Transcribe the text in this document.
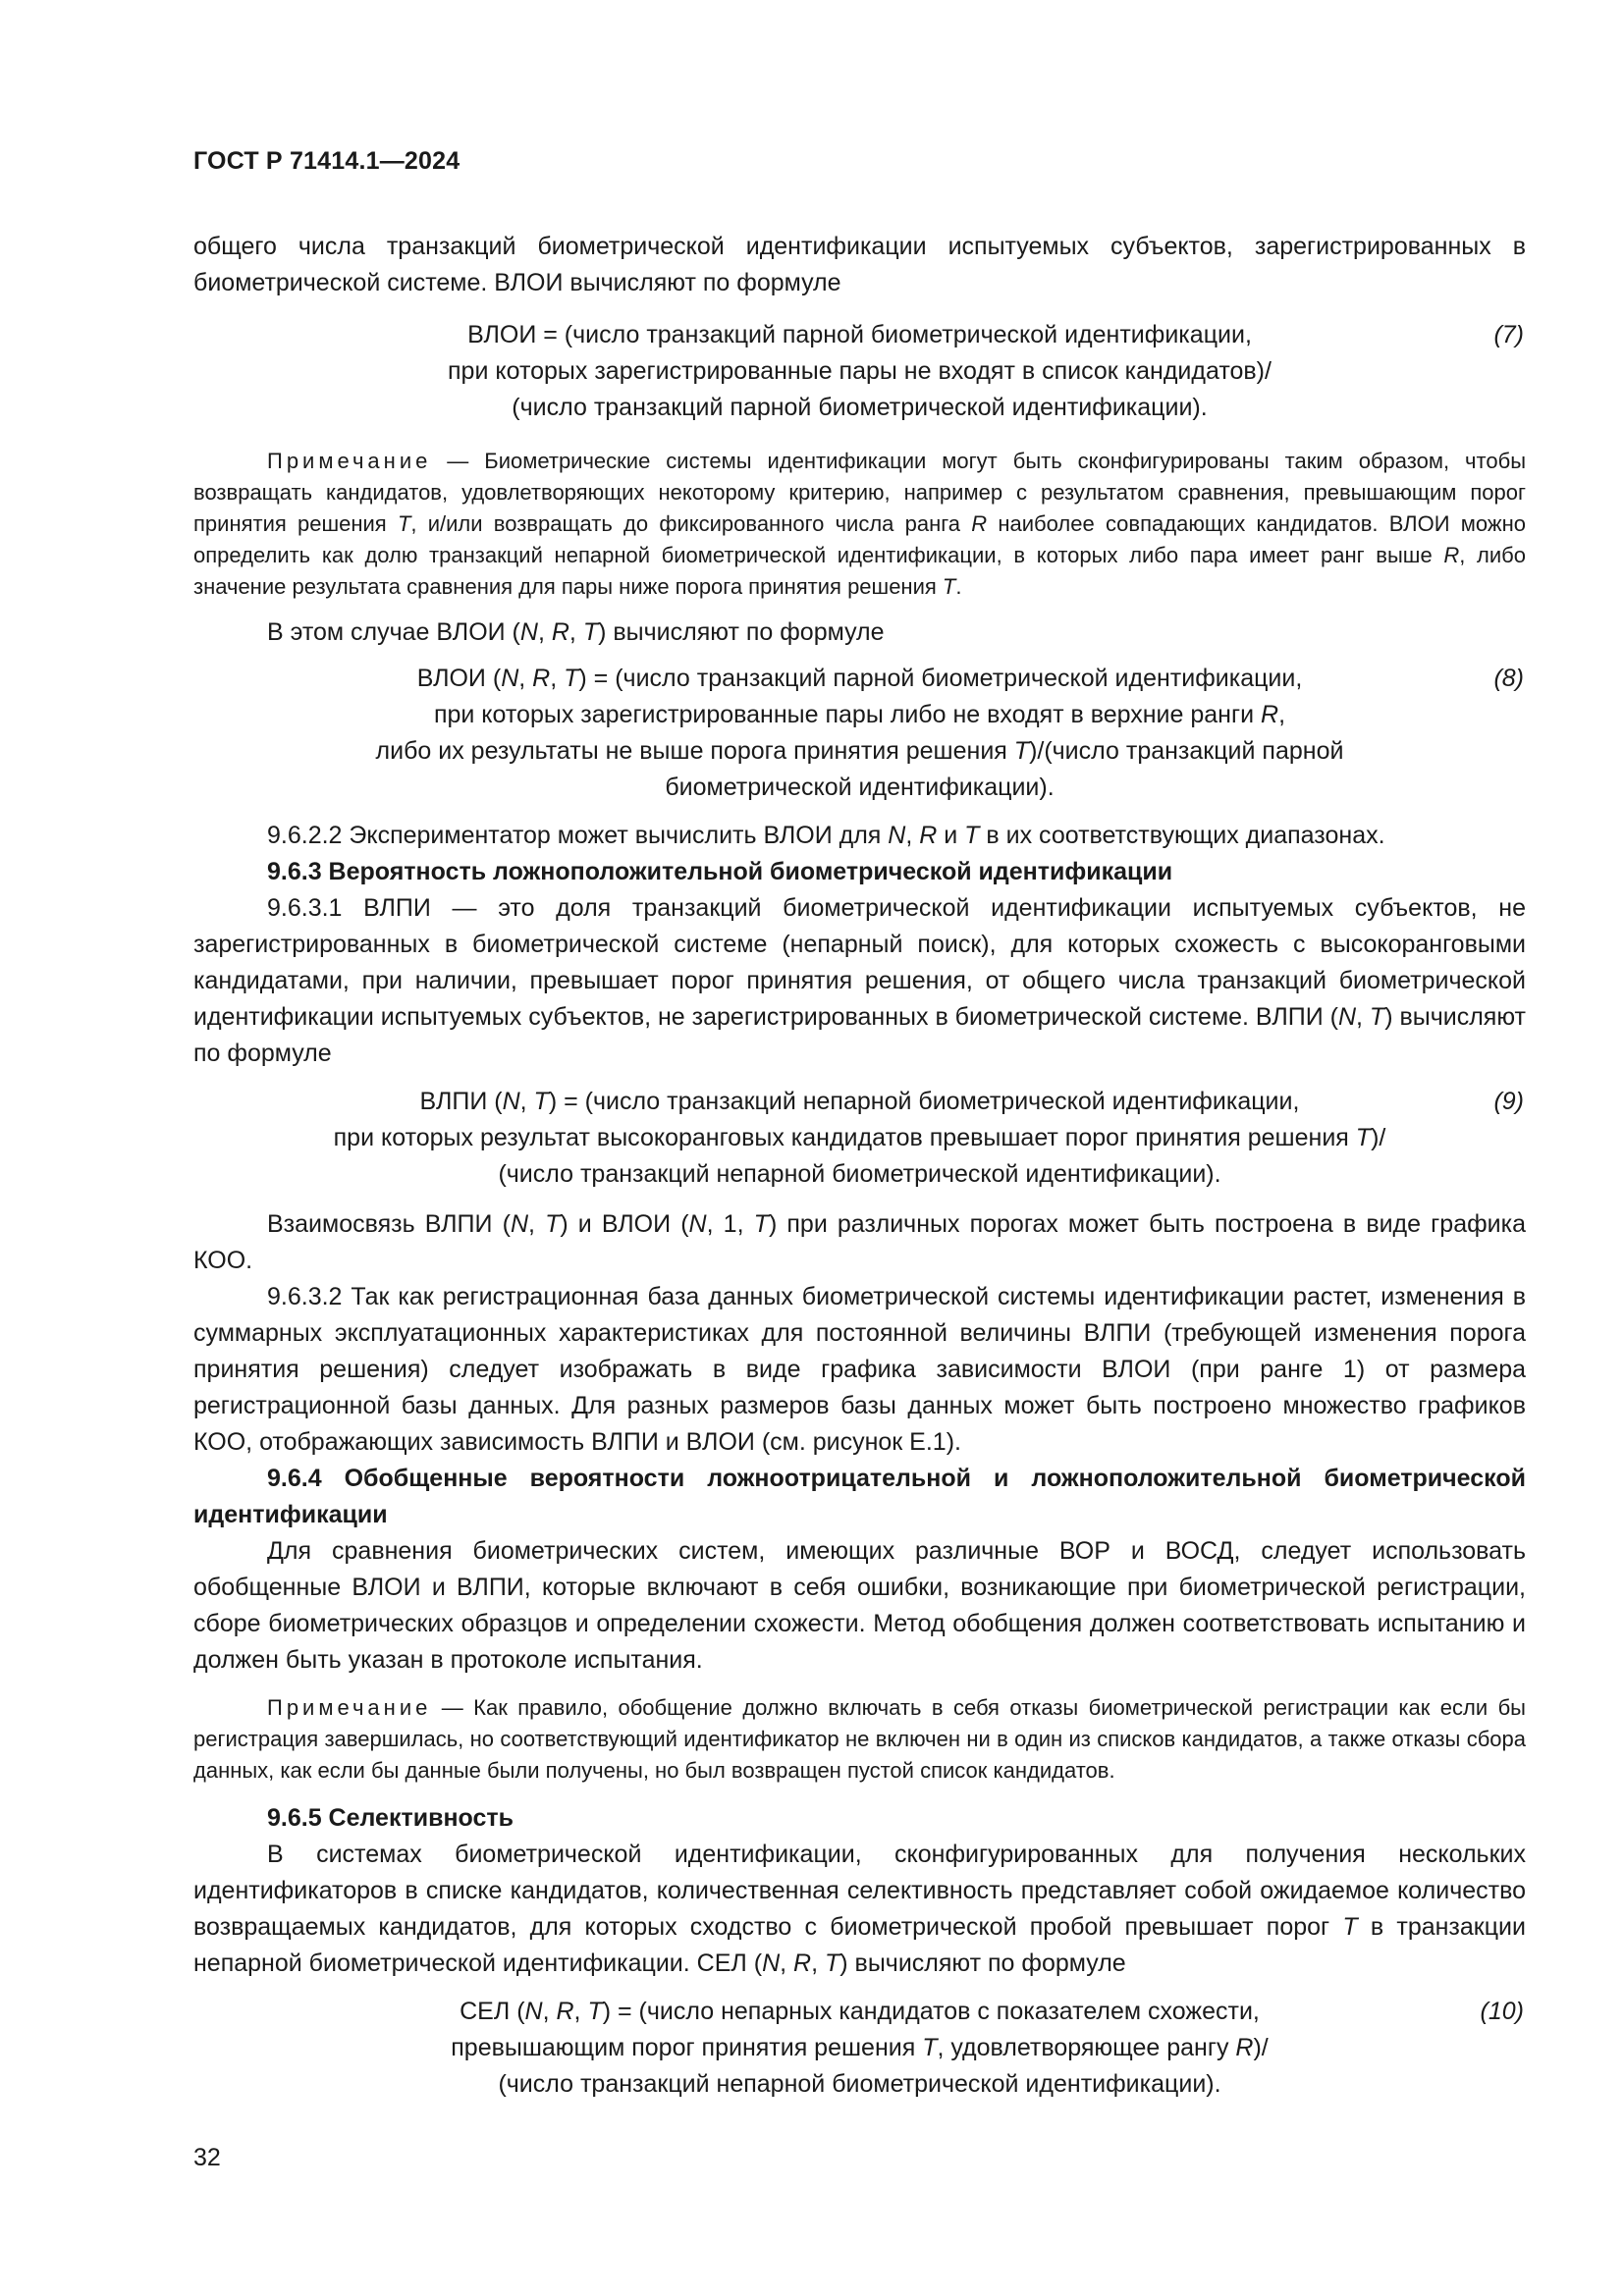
ГОСТ Р 71414.1—2024

общего числа транзакций биометрической идентификации испытуемых субъектов, зарегистрированных в биометрической системе. ВЛОИ вычисляют по формуле

ВЛОИ = (число транзакций парной биометрической идентификации,
при которых зарегистрированные пары не входят в список кандидатов)/
(число транзакций парной биометрической идентификации).
(7)

Примечание — Биометрические системы идентификации могут быть сконфигурированы таким образом, чтобы возвращать кандидатов, удовлетворяющих некоторому критерию, например с результатом сравнения, превышающим порог принятия решения T, и/или возвращать до фиксированного числа ранга R наиболее совпадающих кандидатов. ВЛОИ можно определить как долю транзакций непарной биометрической идентификации, в которых либо пара имеет ранг выше R, либо значение результата сравнения для пары ниже порога принятия решения T.

В этом случае ВЛОИ (N, R, T) вычисляют по формуле

ВЛОИ (N, R, T) = (число транзакций парной биометрической идентификации,
при которых зарегистрированные пары либо не входят в верхние ранги R,
либо их результаты не выше порога принятия решения T)/(число транзакций парной
биометрической идентификации).
(8)

9.6.2.2 Экспериментатор может вычислить ВЛОИ для N, R и T в их соответствующих диапазонах.

9.6.3 Вероятность ложноположительной биометрической идентификации

9.6.3.1 ВЛПИ — это доля транзакций биометрической идентификации испытуемых субъектов, не зарегистрированных в биометрической системе (непарный поиск), для которых схожесть с высокоранговыми кандидатами, при наличии, превышает порог принятия решения, от общего числа транзакций биометрической идентификации испытуемых субъектов, не зарегистрированных в биометрической системе. ВЛПИ (N, T) вычисляют по формуле

ВЛПИ (N, T) = (число транзакций непарной биометрической идентификации,
при которых результат высокоранговых кандидатов превышает порог принятия решения T)/
(число транзакций непарной биометрической идентификации).
(9)

Взаимосвязь ВЛПИ (N, T) и ВЛОИ (N, 1, T) при различных порогах может быть построена в виде графика КОО.

9.6.3.2 Так как регистрационная база данных биометрической системы идентификации растет, изменения в суммарных эксплуатационных характеристиках для постоянной величины ВЛПИ (требующей изменения порога принятия решения) следует изображать в виде графика зависимости ВЛОИ (при ранге 1) от размера регистрационной базы данных. Для разных размеров базы данных может быть построено множество графиков КОО, отображающих зависимость ВЛПИ и ВЛОИ (см. рисунок Е.1).

9.6.4 Обобщенные вероятности ложноотрицательной и ложноположительной биометрической идентификации

Для сравнения биометрических систем, имеющих различные ВОР и ВОСД, следует использовать обобщенные ВЛОИ и ВЛПИ, которые включают в себя ошибки, возникающие при биометрической регистрации, сборе биометрических образцов и определении схожести. Метод обобщения должен соответствовать испытанию и должен быть указан в протоколе испытания.

Примечание — Как правило, обобщение должно включать в себя отказы биометрической регистрации как если бы регистрация завершилась, но соответствующий идентификатор не включен ни в один из списков кандидатов, а также отказы сбора данных, как если бы данные были получены, но был возвращен пустой список кандидатов.

9.6.5 Селективность

В системах биометрической идентификации, сконфигурированных для получения нескольких идентификаторов в списке кандидатов, количественная селективность представляет собой ожидаемое количество возвращаемых кандидатов, для которых сходство с биометрической пробой превышает порог T в транзакции непарной биометрической идентификации. СЕЛ (N, R, T) вычисляют по формуле

СЕЛ (N, R, T) = (число непарных кандидатов с показателем схожести,
превышающим порог принятия решения T, удовлетворяющее рангу R)/
(число транзакций непарной биометрической идентификации).
(10)
32
